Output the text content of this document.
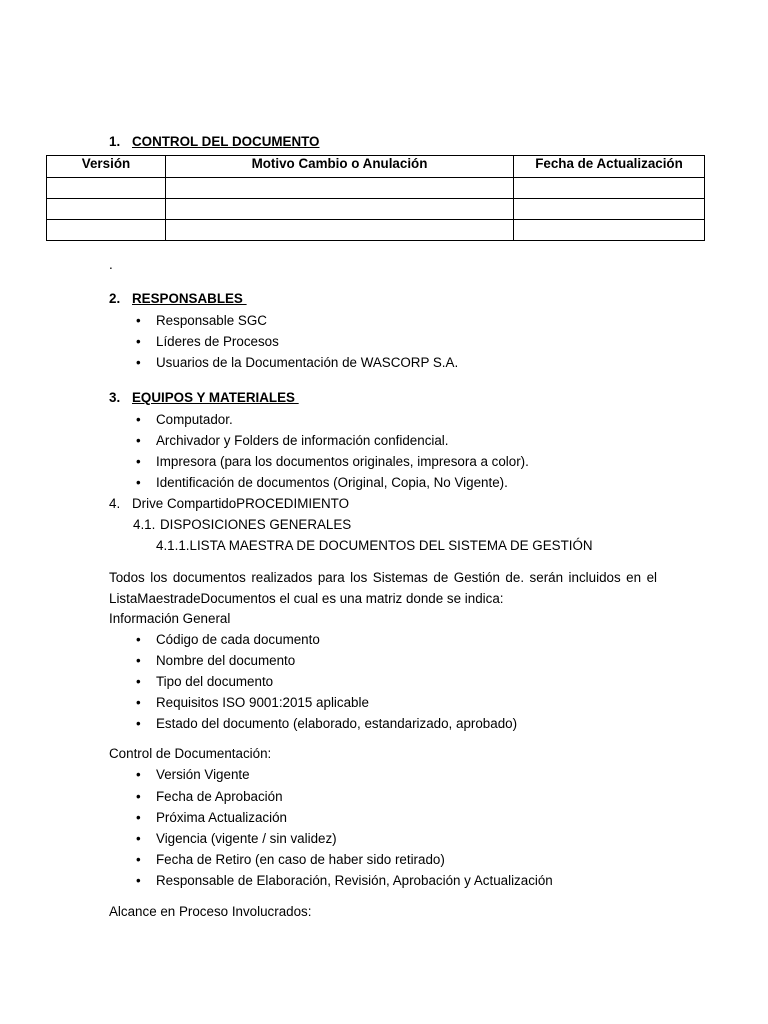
1. CONTROL DEL DOCUMENTO
Versión	Motivo Cambio o Anulación	Fecha de Actualización

.
2. RESPONSABLES
• Responsable SGC
• Líderes de Procesos
• Usuarios de la Documentación de WASCORP S.A.
3. EQUIPOS Y MATERIALES
• Computador.
• Archivador y Folders de información confidencial.
• Impresora (para los documentos originales, impresora a color).
• Identificación de documentos (Original, Copia, No Vigente).
4. Drive CompartidoPROCEDIMIENTO
4.1. DISPOSICIONES GENERALES
4.1.1.LISTA MAESTRA DE DOCUMENTOS DEL SISTEMA DE GESTIÓN
Todos los documentos realizados para los Sistemas de Gestión de. serán incluidos en el
ListaMaestradeDocumentos el cual es una matriz donde se indica:
Información General
• Código de cada documento
• Nombre del documento
• Tipo del documento
• Requisitos ISO 9001:2015 aplicable
• Estado del documento (elaborado, estandarizado, aprobado)
Control de Documentación:
• Versión Vigente
• Fecha de Aprobación
• Próxima Actualización
• Vigencia (vigente / sin validez)
• Fecha de Retiro (en caso de haber sido retirado)
• Responsable de Elaboración, Revisión, Aprobación y Actualización
Alcance en Proceso Involucrados:
